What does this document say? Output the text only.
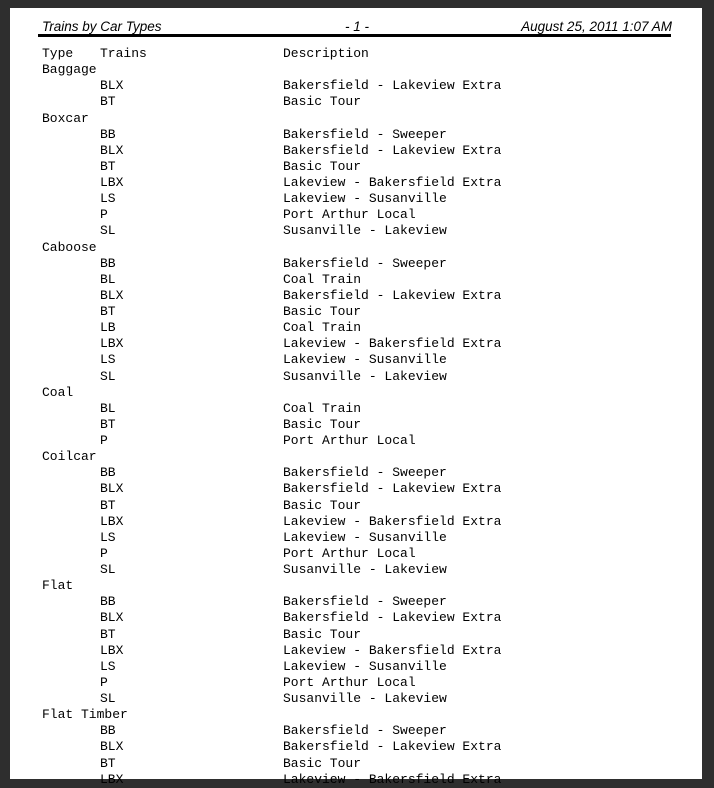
Trains by Car Types	- 1 -	August 25, 2011 1:07 AM
Type	Trains	Description
Baggage
BLX	Bakersfield - Lakeview Extra
BT	Basic Tour
Boxcar
BB	Bakersfield - Sweeper
BLX	Bakersfield - Lakeview Extra
BT	Basic Tour
LBX	Lakeview - Bakersfield Extra
LS	Lakeview - Susanville
P	Port Arthur Local
SL	Susanville - Lakeview
Caboose
BB	Bakersfield - Sweeper
BL	Coal Train
BLX	Bakersfield - Lakeview Extra
BT	Basic Tour
LB	Coal Train
LBX	Lakeview - Bakersfield Extra
LS	Lakeview - Susanville
SL	Susanville - Lakeview
Coal
BL	Coal Train
BT	Basic Tour
P	Port Arthur Local
Coilcar
BB	Bakersfield - Sweeper
BLX	Bakersfield - Lakeview Extra
BT	Basic Tour
LBX	Lakeview - Bakersfield Extra
LS	Lakeview - Susanville
P	Port Arthur Local
SL	Susanville - Lakeview
Flat
BB	Bakersfield - Sweeper
BLX	Bakersfield - Lakeview Extra
BT	Basic Tour
LBX	Lakeview - Bakersfield Extra
LS	Lakeview - Susanville
P	Port Arthur Local
SL	Susanville - Lakeview
Flat Timber
BB	Bakersfield - Sweeper
BLX	Bakersfield - Lakeview Extra
BT	Basic Tour
LBX	Lakeview - Bakersfield Extra
